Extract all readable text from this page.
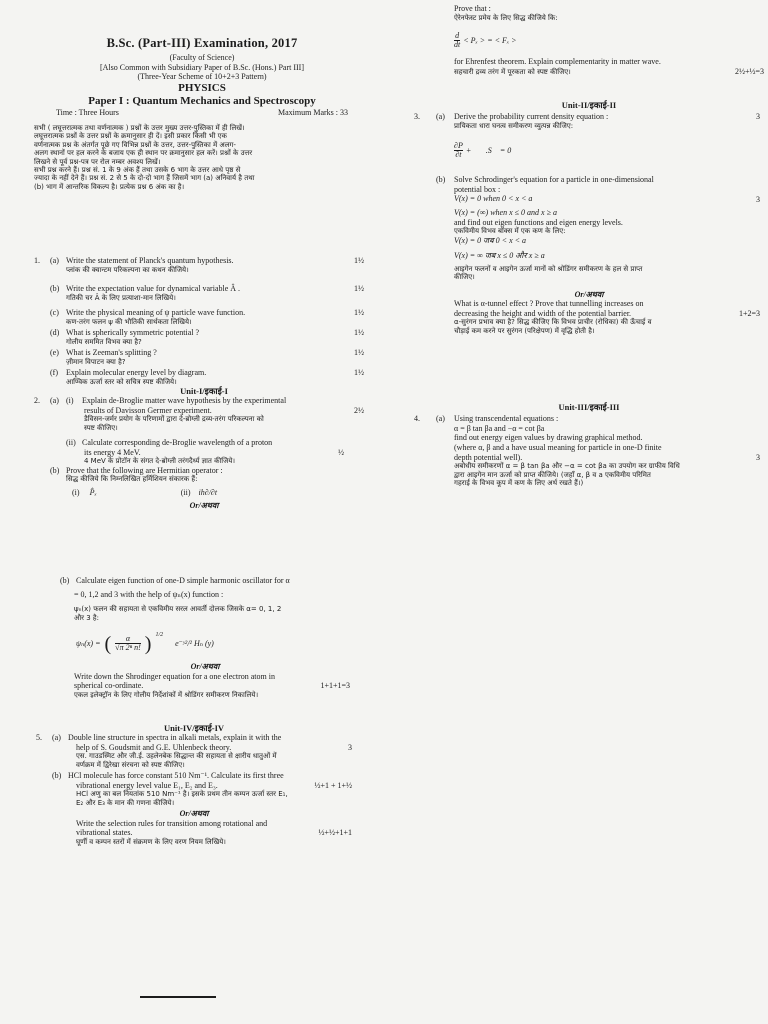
B.Sc. (Part-III) Examination, 2017
(Faculty of Science)
[Also Common with Subsidiary Paper of B.Sc. (Hons.) Part III]
(Three-Year Scheme of 10+2+3 Pattern)
PHYSICS
Paper I : Quantum Mechanics and Spectroscopy
Time : Three Hours	Maximum Marks : 33
सभी ( लघूत्तरात्मक तथा वर्णनात्मक ) प्रश्नों के उत्तर मुख्य उत्तर-पुस्तिका में ही लिखें।
लघूत्तरात्मक प्रश्नों के उत्तर प्रश्नों के क्रमानुसार ही दें। इसी प्रकार किसी भी एक
वर्णनात्मक प्रश्न के अंतर्गत पूछे गए विभिन्न प्रश्नों के उत्तर, उत्तर-पुस्तिका में अलग-
अलग स्थानों पर हल करने के बजाय एक ही स्थान पर क्रमानुसार हल करें। प्रश्नों के उत्तर
लिखने से पूर्व प्रश्न-पत्र पर रोल नम्बर अवश्य लिखें।
सभी प्रश्न करने हैं। प्रश्न सं. 1 के 9 अंक हैं तथा उसके 6 भाग के उत्तर आधे पृष्ठ से
ज्यादा के नहीं देने हैं। प्रश्न सं. 2 से 5 के दो-दो भाग हैं जिसमें भाग (a) अनिवार्य है तथा
(b) भाग में आन्तरिक विकल्प है। प्रत्येक प्रश्न 6 अंक का है।
1. (a) Write the statement of Planck's quantum hypothesis.	1½
प्लांक की क्वान्टम परिकल्पना का कथन कीजिये।
(b) Write the expectation value for dynamical variable Â .	1½
गतिकी चर Â के लिए प्रत्याशा-मान लिखिये।
(c) Write the physical meaning of ψ particle wave function.	1½
कण-तरंग फलन ψ की भौतिकी सार्थकता लिखिये।
(d) What is spherically symmetric potential ?	1½
गोलीय सममित विभव क्या है?
(e) What is Zeeman's splitting ?	1½
ज़ीमान विपाटन क्या है?
(f) Explain molecular energy level by diagram.	1½
आण्विक ऊर्जा स्तर को सचित्र स्पष्ट कीजिये।
Unit-I/इकाई-I
2. (a) (i) Explain de-Broglie matter wave hypothesis by the experimental
results of Davisson Germer experiment.	2½
डैविसन-जर्मर प्रयोग के परिणामों द्वारा दे-ब्रोग्ली द्रव्य-तरंग परिकल्पना को
स्पष्ट कीजिए।
(ii) Calculate corresponding de-Broglie wavelength of a proton
its energy 4 MeV.	½
4 MeV के प्रोटॉन के संगत दे-ब्रोग्ली तरंगदैर्ध्य ज्ञात कीजिये।
(b) Prove that the following are Hermitian operator :
सिद्ध कीजिये कि निम्नलिखित हर्मिशियन संकारक हैं:
(i) P̂ₓ	(ii) ih∂/∂t
Or/अथवा
(b) Calculate eigen function of one-D simple harmonic oscillator for α
= 0, 1,2 and 3 with the help of ψₙ(x) function :
ψₙ(x) फलन की सहायता से एकविमीय सरल आवर्ती दोलक जिसके α= 0, 1, 2
और 3 है:
ψₙ(x) = ( $\frac{\alpha}{\text{√π 2ⁿ n!}}$ ) $^{1/2}$
e⁻ʸ²/² Hₙ (y)
Or/अथवा
Write down the Shrodinger equation for a one electron atom in
spherical co-ordinate.	1+1+1=3
एकल इलेक्ट्रॉन के लिए गोलीय निर्देशांकों में श्रोडिंगर समीकरण निकालिये।
Unit-IV/इकाई-IV
5. (a) Double line structure in spectra in alkali metals, explain it with the
help of S. Goudsmit and G.E. Uhlenbeck theory.	3
एस. गाउडस्मिट और जी.ई. उहलेनबेक सिद्धान्त की सहायता से क्षारीय धातुओं में
वर्णक्रम में द्विरेखा संरचना को स्पष्ट कीजिए।
(b) HCl molecule has force constant 510 Nm⁻¹. Calculate its first three
vibrational energy level value E₁, E₂ and E₃.	½+1 + 1+½
HCl अणु का बल नियतांक 510 Nm⁻¹ है। इसके प्रथम तीन कम्पन ऊर्जा स्तर E₁,
E₂ और E₃ के मान की गणना कीजिये।
Or/अथवा
Write the selection rules for transition among rotational and
vibrational states.	½+½+1+1
घूर्णी व कम्पन स्तरों में संक्रमण के लिए वरण नियम लिखिये।
Prove that :
ऐरेनफेस्ट प्रमेय के लिए सिद्ध कीजिये कि:
$\frac{d}{dt} < P_x$ > = < Fₓ >
for Ehrenfest theorem. Explain complementarity in matter wave.
सहचारी द्रव्य तरंग में पूरकता को स्पष्ट कीजिए।	2½+½=3
Unit-II/इकाई-II
3. (a) Derive the probability current density equation :	3
प्रायिकता धारा घनत्व समीकरण व्युत्पन्न कीजिए:
$\frac{\partial P}{\partial t}$ + ∇⃗.S⃗ = 0
(b) Solve Schrodinger's equation for a particle in one-dimensional
potential box :
3
V(x) = 0 when 0 < x < a
V(x) = (∞) when x ≤ 0 and x ≥ a
and find out eigen functions and eigen energy levels.
एकविमीय विभव बॉक्स में एक कण के लिए:
V(x) = 0 जब 0 < x < a
V(x) = ∞ जब x ≤ 0 और x ≥ a
आइगेन फलनों व आइगेन ऊर्जा मानों को श्रोडिंगर समीकरण के हल से प्राप्त
कीजिए।
Or/अथवा
What is α-tunnel effect ? Prove that tunnelling increases on
decreasing the height and width of the potential barrier.	1+2=3
α-सुरंगन प्रभाव क्या है? सिद्ध कीजिए कि विभव प्राचीर (रोधिका) की ऊँचाई व
चौड़ाई कम करने पर सुरंगन (परिक्षेपण) में वृद्धि होती है।
Unit-III/इकाई-III
4. (a) Using transcendental equations :
α = β tan βa and −α = cot βa
find out energy eigen values by drawing graphical method.
(where α, β and a have usual meaning for particle in one-D finite
depth potential well).	3
अबोधीय समीकरणों α = β tan βa और −α = cot βa का उपयोग कर ग्राफीय विधि
द्वारा आइगेन मान ऊर्जा को प्राप्त कीजिये। (जहाँ α, β व a एकविमीय परिमित
गहराई के विभव कूप में कण के लिए अर्थ रखते हैं।)
